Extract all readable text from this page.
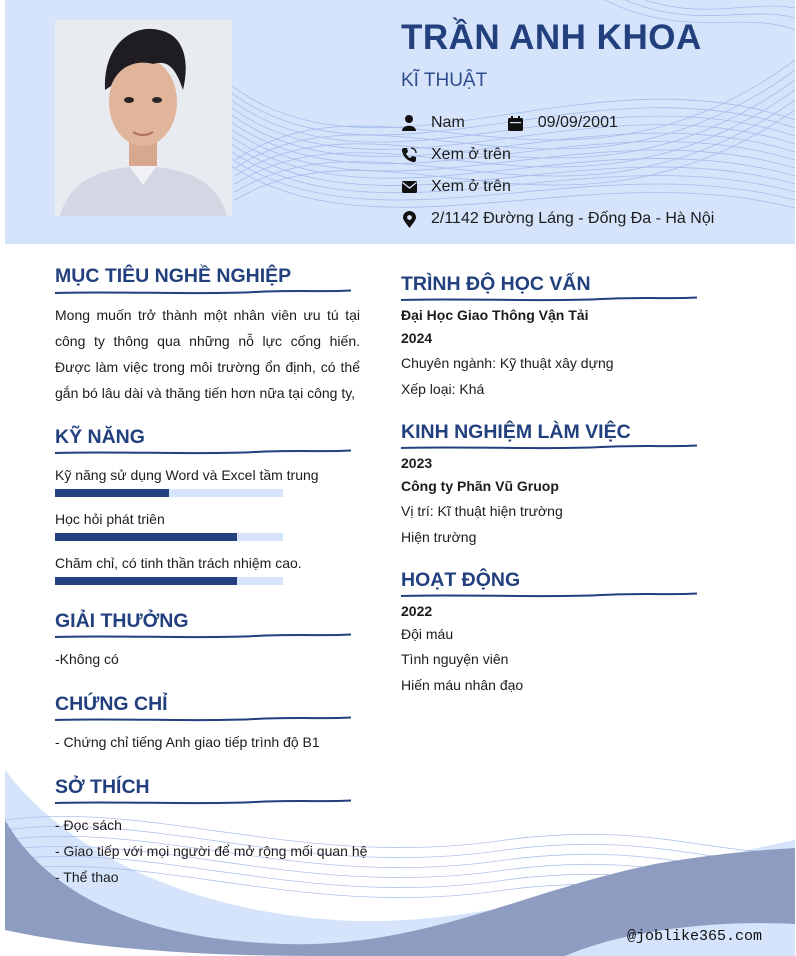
TRẦN ANH KHOA
KĨ THUẬT
Nam	09/09/2001
Xem ở trên
Xem ở trên
2/1142 Đường Láng - Đống Đa - Hà Nội
MỤC TIÊU NGHỀ NGHIỆP
Mong muốn trở thành một nhân viên ưu tú tại công ty thông qua những nỗ lực cống hiến. Được làm việc trong môi trường ổn định, có thể gắn bó lâu dài và thăng tiến hơn nữa tại công ty,
KỸ NĂNG
Kỹ năng sử dụng Word và Excel tầm trung
Học hỏi phát triên
Chăm chỉ, có tinh thần trách nhiệm cao.
GIẢI THƯỞNG
-Không có
CHỨNG CHỈ
- Chứng chỉ tiếng Anh giao tiếp trình độ B1
SỞ THÍCH
- Đọc sách
- Giao tiếp với mọi người để mở rộng mối quan hệ
- Thể thao
TRÌNH ĐỘ HỌC VẤN
Đại Học Giao Thông Vận Tải
2024
Chuyên ngành: Kỹ thuật xây dựng
Xếp loại: Khá
KINH NGHIỆM LÀM VIỆC
2023
Công ty Phãn Vũ Gruop
Vị trí: Kĩ thuật hiện trường
Hiện trường
HOẠT ĐỘNG
2022
Đội máu
Tình nguyện viên
Hiến máu nhân đạo
@joblike365.com
